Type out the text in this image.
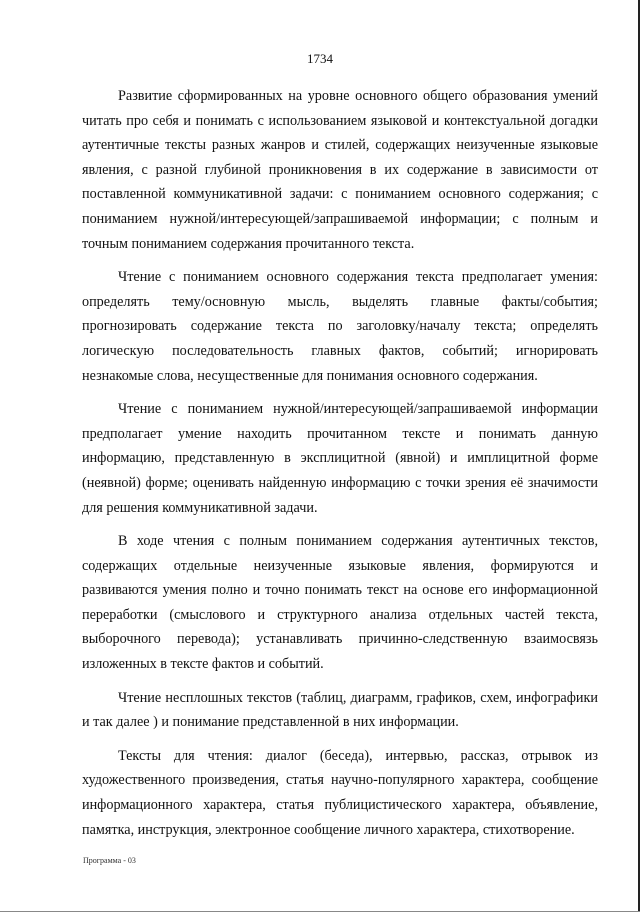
1734

Развитие сформированных на уровне основного общего образования умений читать про себя и понимать с использованием языковой и контекстуальной догадки аутентичные тексты разных жанров и стилей, содержащих неизученные языковые явления, с разной глубиной проникновения в их содержание в зависимости от поставленной коммуникативной задачи: с пониманием основного содержания; с пониманием нужной/интересующей/запрашиваемой информации; с полным и точным пониманием содержания прочитанного текста.

Чтение с пониманием основного содержания текста предполагает умения: определять тему/основную мысль, выделять главные факты/события; прогнозировать содержание текста по заголовку/началу текста; определять логическую последовательность главных фактов, событий; игнорировать незнакомые слова, несущественные для понимания основного содержания.

Чтение с пониманием нужной/интересующей/запрашиваемой информации предполагает умение находить прочитанном тексте и понимать данную информацию, представленную в эксплицитной (явной) и имплицитной форме (неявной) форме; оценивать найденную информацию с точки зрения её значимости для решения коммуникативной задачи.

В ходе чтения с полным пониманием содержания аутентичных текстов, содержащих отдельные неизученные языковые явления, формируются и развиваются умения полно и точно понимать текст на основе его информационной переработки (смыслового и структурного анализа отдельных частей текста, выборочного перевода); устанавливать причинно-следственную взаимосвязь изложенных в тексте фактов и событий.

Чтение несплошных текстов (таблиц, диаграмм, графиков, схем, инфографики и так далее ) и понимание представленной в них информации.

Тексты для чтения: диалог (беседа), интервью, рассказ, отрывок из художественного произведения, статья научно-популярного характера, сообщение информационного характера, статья публицистического характера, объявление, памятка, инструкция, электронное сообщение личного характера, стихотворение.

Программа - 03
